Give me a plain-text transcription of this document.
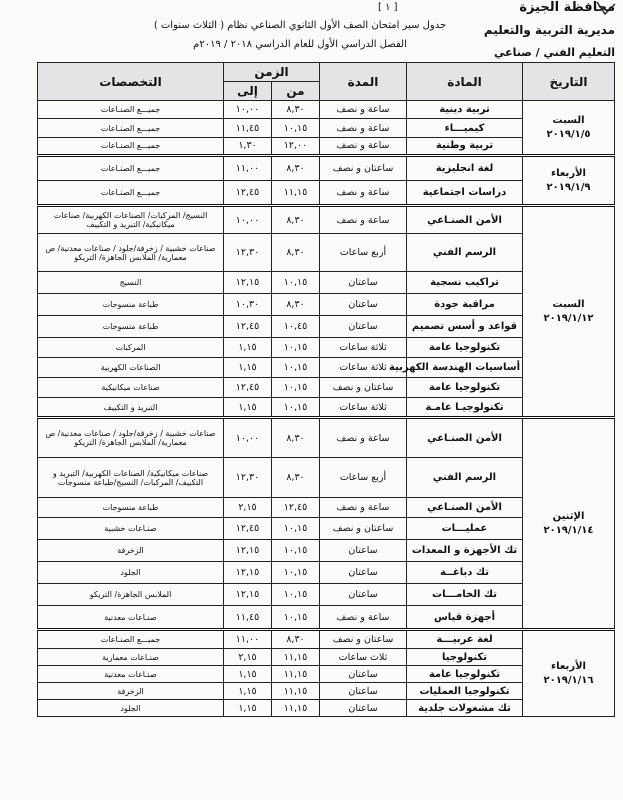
محافظة الجيزة
مديرية التربية والتعليم
التعليم الفني / صناعي
جدول سير امتحان الصف الأول الثانوي الصناعي نظام ( الثلاث سنوات )
الفصل الدراسي الأول للعام الدراسي ٢٠١٨ / ٢٠١٩م
[ ١ ]
التاريخ	المادة	المدة	الزمن		التخصصات
			من	إلى	

السبت
٢٠١٩/١/٥	تربية دينية	ساعة و نصف	٨,٣٠	١٠,٠٠	جميـــع الصنـاعات
	كيميـــاء	ساعة و نصف	١٠,١٥	١١,٤٥	جميـــع الصنـاعات
	تربية وطنية	ساعة و نصف	١٢,٠٠	١,٣٠	جميـــع الصنـاعات

الأربعاء
٢٠١٩/١/٩	لغة انجليزية	ساعتان و نصف	٨,٣٠	١١,٠٠	جميـــع الصنـاعات
	دراسات اجتماعية	ساعة و نصف	١١,١٥	١٢,٤٥	جميـــع الصنـاعات

السبت
٢٠١٩/١/١٢	الأمن الصنـاعي	ساعة و نصف	٨,٣٠	١٠,٠٠	النسيج/ المركبات/ الصناعات الكهربية/ صناعات ميكانيكية/ التبريد و التكييف
	الرسم الفني	أربع ساعات	٨,٣٠	١٢,٣٠	صناعات خشبية / زخرفة/جلود / صناعات معدنية/ ص معمارية/ الملابس الجاهزة/ التريكو
	تراكيب نسجية	ساعتان	١٠,١٥	١٢,١٥	النسيج
	مراقبة جودة	ساعتان	٨,٣٠	١٠,٣٠	طباعة منسوجات
	قواعد و أسس تصميم	ساعتان	١٠,٤٥	١٢,٤٥	طباعة منسوجات
	تكنولوجيا عامة	ثلاثة ساعات	١٠,١٥	١,١٥	المركبات
	أساسيات الهندسة الكهربية	ثلاثة ساعات	١٠,١٥	١,١٥	الصناعات الكهربية
	تكنولوجيا عامة	ساعتان و نصف	١٠,١٥	١٢,٤٥	صناعات ميكانيكية
	تكنولوجيـا عامـة	ثلاثة ساعات	١٠,١٥	١,١٥	التبريد و التكييف

الإثنين
٢٠١٩/١/١٤	الأمن الصنـاعي	ساعة و نصف	٨,٣٠	١٠,٠٠	صناعات خشبية / زخرفة/جلود / صناعات معدنية/ ص معمارية/ الملابس الجاهزة/ التريكو
	الرسم الفني	أربع ساعات	٨,٣٠	١٢,٣٠	صناعات ميكانيكية/ الصناعات الكهربية/ التبريد و التكييف/ المركبات/ النسيج/طباعة منسوجات
	الأمن الصنـاعي	ساعة و نصف	١٢,٤٥	٢,١٥	طباعة منسوجات
	عمليـــات	ساعتان و نصف	١٠,١٥	١٢,٤٥	صنـاعات خشبية
	تك الأجهزة و المعدات	ساعتان	١٠,١٥	١٢,١٥	الزخرفة
	تك دباغــة	ساعتان	١٠,١٥	١٢,١٥	الجلود
	تك الخامـــات	ساعتان	١٠,١٥	١٢,١٥	الملابس الجاهزة/ التريكو
	أجهزة قياس	ساعة و نصف	١٠,١٥	١١,٤٥	صنـاعات معدنية

الأربعاء
٢٠١٩/١/١٦	لغة عربيـــة	ساعتان و نصف	٨,٣٠	١١,٠٠	جميـــع الصنـاعات
	تكنولوجيا	ثلاث ساعات	١١,١٥	٢,١٥	صنـاعات معمارية
	تكنولوجيا عامة	ساعتان	١١,١٥	١,١٥	صنـاعات معدنية
	تكنولوجيا العمليات	ساعتان	١١,١٥	١,١٥	الزخرفة
	تك مشغولات جلدية	ساعتان	١١,١٥	١,١٥	الجلود
